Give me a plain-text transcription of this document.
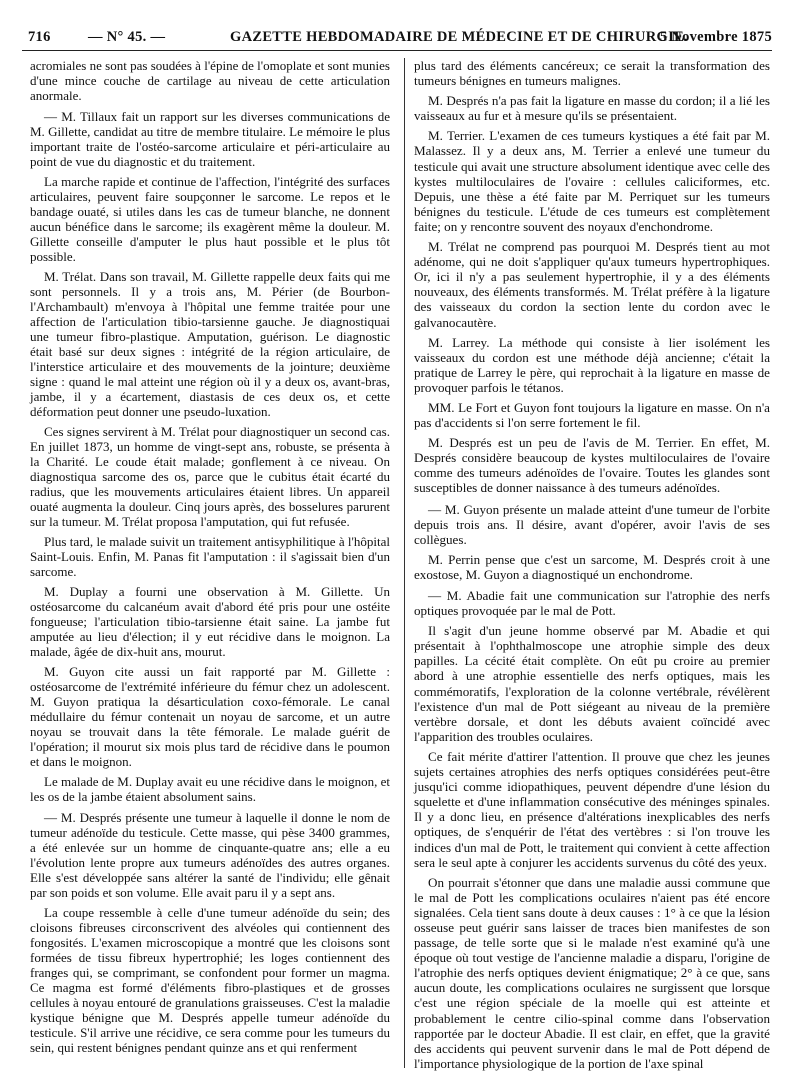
716	— N° 45. —	GAZETTE HEBDOMADAIRE DE MÉDECINE ET DE CHIRURGIE.
5 Novembre 1875

acromiales ne sont pas soudées à l'épine de l'omoplate et sont munies d'une mince couche de cartilage au niveau de cette articulation anormale.

— M. Tillaux fait un rapport sur les diverses communications de M. Gillette, candidat au titre de membre titulaire. Le mémoire le plus important traite de l'ostéo-sarcome articulaire et péri-articulaire au point de vue du diagnostic et du traitement.

La marche rapide et continue de l'affection, l'intégrité des surfaces articulaires, peuvent faire soupçonner le sarcome. Le repos et le bandage ouaté, si utiles dans les cas de tumeur blanche, ne donnent aucun bénéfice dans le sarcome; ils exagèrent même la douleur. M. Gillette conseille d'amputer le plus haut possible et le plus tôt possible.

M. Trélat. Dans son travail, M. Gillette rappelle deux faits qui me sont personnels. Il y a trois ans, M. Périer (de Bourbon-l'Archambault) m'envoya à l'hôpital une femme traitée pour une affection de l'articulation tibio-tarsienne gauche. Je diagnostiquai une tumeur fibro-plastique. Amputation, guérison. Le diagnostic était basé sur deux signes : intégrité de la région articulaire, de l'interstice articulaire et des mouvements de la jointure; deuxième signe : quand le mal atteint une région où il y a deux os, avant-bras, jambe, il y a écartement, diastasis de ces deux os, et cette déformation peut donner une pseudo-luxation.

Ces signes servirent à M. Trélat pour diagnostiquer un second cas. En juillet 1873, un homme de vingt-sept ans, robuste, se présenta à la Charité. Le coude était malade; gonflement à ce niveau. On diagnostiqua sarcome des os, parce que le cubitus était écarté du radius, que les mouvements articulaires étaient libres. Un appareil ouaté augmenta la douleur. Cinq jours après, des bosselures parurent sur la tumeur. M. Trélat proposa l'amputation, qui fut refusée.

Plus tard, le malade suivit un traitement antisyphilitique à l'hôpital Saint-Louis. Enfin, M. Panas fit l'amputation : il s'agissait bien d'un sarcome.

M. Duplay a fourni une observation à M. Gillette. Un ostéosarcome du calcanéum avait d'abord été pris pour une ostéite fongueuse; l'articulation tibio-tarsienne était saine. La jambe fut amputée au lieu d'élection; il y eut récidive dans le moignon. La malade, âgée de dix-huit ans, mourut.

M. Guyon cite aussi un fait rapporté par M. Gillette : ostéosarcome de l'extrémité inférieure du fémur chez un adolescent. M. Guyon pratiqua la désarticulation coxo-fémorale. Le canal médullaire du fémur contenait un noyau de sarcome, et un autre noyau se trouvait dans la tête fémorale. Le malade guérit de l'opération; il mourut six mois plus tard de récidive dans le poumon et dans le moignon.

Le malade de M. Duplay avait eu une récidive dans le moignon, et les os de la jambe étaient absolument sains.

— M. Després présente une tumeur à laquelle il donne le nom de tumeur adénoïde du testicule. Cette masse, qui pèse 3400 grammes, a été enlevée sur un homme de cinquante-quatre ans; elle a eu l'évolution lente propre aux tumeurs adénoïdes des autres organes. Elle s'est développée sans altérer la santé de l'individu; elle gênait par son poids et son volume. Elle avait paru il y a sept ans.

La coupe ressemble à celle d'une tumeur adénoïde du sein; des cloisons fibreuses circonscrivent des alvéoles qui contiennent des fongosités. L'examen microscopique a montré que les cloisons sont formées de tissu fibreux hypertrophié; les loges contiennent des franges qui, se comprimant, se confondent pour former un magma. Ce magma est formé d'éléments fibro-plastiques et de grosses cellules à noyau entouré de granulations graisseuses. C'est la maladie kystique bénigne que M. Després appelle tumeur adénoïde du testicule. S'il arrive une récidive, ce sera comme pour les tumeurs du sein, qui restent bénignes pendant quinze ans et qui renferment

plus tard des éléments cancéreux; ce serait la transformation des tumeurs bénignes en tumeurs malignes.

M. Després n'a pas fait la ligature en masse du cordon; il a lié les vaisseaux au fur et à mesure qu'ils se présentaient.

M. Terrier. L'examen de ces tumeurs kystiques a été fait par M. Malassez. Il y a deux ans, M. Terrier a enlevé une tumeur du testicule qui avait une structure absolument identique avec celle des kystes multiloculaires de l'ovaire : cellules caliciformes, etc. Depuis, une thèse a été faite par M. Perriquet sur les tumeurs bénignes du testicule. L'étude de ces tumeurs est complètement faite; on y rencontre souvent des noyaux d'enchondrome.

M. Trélat ne comprend pas pourquoi M. Després tient au mot adénome, qui ne doit s'appliquer qu'aux tumeurs hypertrophiques. Or, ici il n'y a pas seulement hypertrophie, il y a des éléments nouveaux, des éléments transformés. M. Trélat préfère à la ligature des vaisseaux du cordon la section lente du cordon avec le galvanocautère.

M. Larrey. La méthode qui consiste à lier isolément les vaisseaux du cordon est une méthode déjà ancienne; c'était la pratique de Larrey le père, qui reprochait à la ligature en masse de provoquer parfois le tétanos.

MM. Le Fort et Guyon font toujours la ligature en masse. On n'a pas d'accidents si l'on serre fortement le fil.

M. Després est un peu de l'avis de M. Terrier. En effet, M. Després considère beaucoup de kystes multiloculaires de l'ovaire comme des tumeurs adénoïdes de l'ovaire. Toutes les glandes sont susceptibles de donner naissance à des tumeurs adénoïdes.

— M. Guyon présente un malade atteint d'une tumeur de l'orbite depuis trois ans. Il désire, avant d'opérer, avoir l'avis de ses collègues.

M. Perrin pense que c'est un sarcome, M. Després croit à une exostose, M. Guyon a diagnostiqué un enchondrome.

— M. Abadie fait une communication sur l'atrophie des nerfs optiques provoquée par le mal de Pott.

Il s'agit d'un jeune homme observé par M. Abadie et qui présentait à l'ophthalmoscope une atrophie simple des deux papilles. La cécité était complète. On eût pu croire au premier abord à une atrophie essentielle des nerfs optiques, mais les commémoratifs, l'exploration de la colonne vertébrale, révélèrent l'existence d'un mal de Pott siégeant au niveau de la première vertèbre dorsale, et dont les débuts avaient coïncidé avec l'apparition des troubles oculaires.

Ce fait mérite d'attirer l'attention. Il prouve que chez les jeunes sujets certaines atrophies des nerfs optiques considérées peut-être jusqu'ici comme idiopathiques, peuvent dépendre d'une lésion du squelette et d'une inflammation consécutive des méninges spinales. Il y a donc lieu, en présence d'altérations inexplicables des nerfs optiques, de s'enquérir de l'état des vertèbres : si l'on trouve les indices d'un mal de Pott, le traitement qui convient à cette affection sera le seul apte à conjurer les accidents survenus du côté des yeux.

On pourrait s'étonner que dans une maladie aussi commune que le mal de Pott les complications oculaires n'aient pas été encore signalées. Cela tient sans doute à deux causes : 1° à ce que la lésion osseuse peut guérir sans laisser de traces bien manifestes de son passage, de telle sorte que si le malade n'est examiné qu'à une époque où tout vestige de l'ancienne maladie a disparu, l'origine de l'atrophie des nerfs optiques devient énigmatique; 2° à ce que, sans aucun doute, les complications oculaires ne surgissent que lorsque c'est une région spéciale de la moelle qui est atteinte et probablement le centre cilio-spinal comme dans l'observation rapportée par le docteur Abadie. Il est clair, en effet, que la gravité des accidents qui peuvent survenir dans le mal de Pott dépend de l'importance physiologique de la portion de l'axe spinal
